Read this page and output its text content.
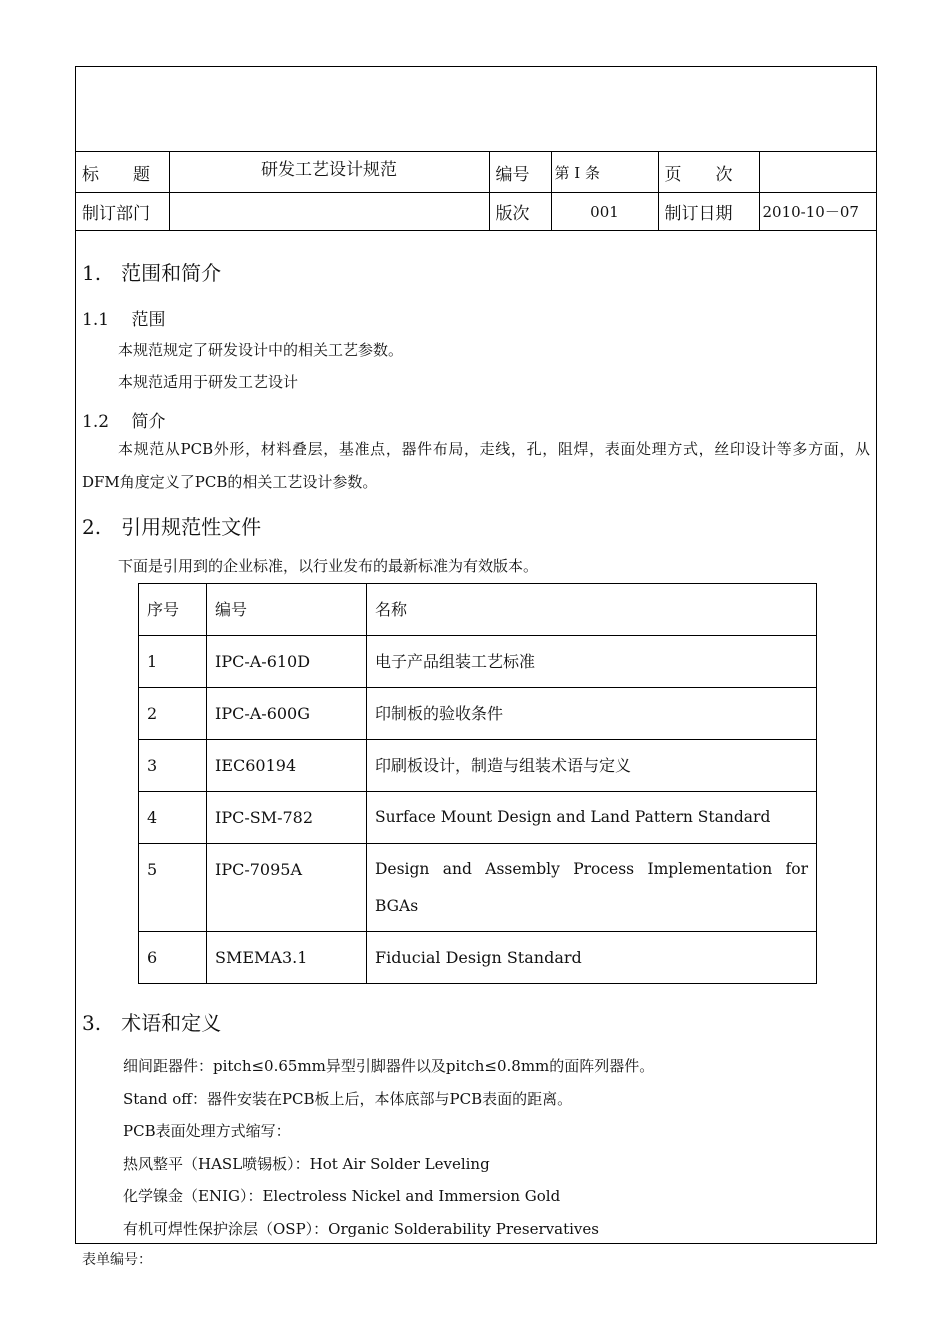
标　　题	研发工艺设计规范	编号	第 I 条	页　　次	
制订部门		版次	001	制订日期	2010-10－07
1.　范围和简介
1.1　 范围
本规范规定了研发设计中的相关工艺参数。
本规范适用于研发工艺设计
1.2　 简介
本规范从PCB外形，材料叠层，基准点，器件布局，走线，孔，阻焊，表面处理方式，丝印设计等多方面，从DFM角度定义了PCB的相关工艺设计参数。
2.　引用规范性文件
下面是引用到的企业标准，以行业发布的最新标准为有效版本。
序号	编号	名称
1	IPC-A-610D	电子产品组装工艺标准
2	IPC-A-600G	印制板的验收条件
3	IEC60194	印刷板设计，制造与组装术语与定义
4	IPC-SM-782	Surface Mount Design and Land Pattern Standard
5	IPC-7095A	Design and Assembly Process Implementation for BGAs
6	SMEMA3.1	Fiducial Design Standard
3.　术语和定义
细间距器件：pitch≤0.65mm异型引脚器件以及pitch≤0.8mm的面阵列器件。
Stand off：器件安装在PCB板上后，本体底部与PCB表面的距离。
PCB表面处理方式缩写：
热风整平（HASL喷锡板）：Hot Air Solder Leveling
化学镍金（ENIG）：Electroless Nickel and Immersion Gold
有机可焊性保护涂层（OSP）：Organic Solderability Preservatives
表单编号：
